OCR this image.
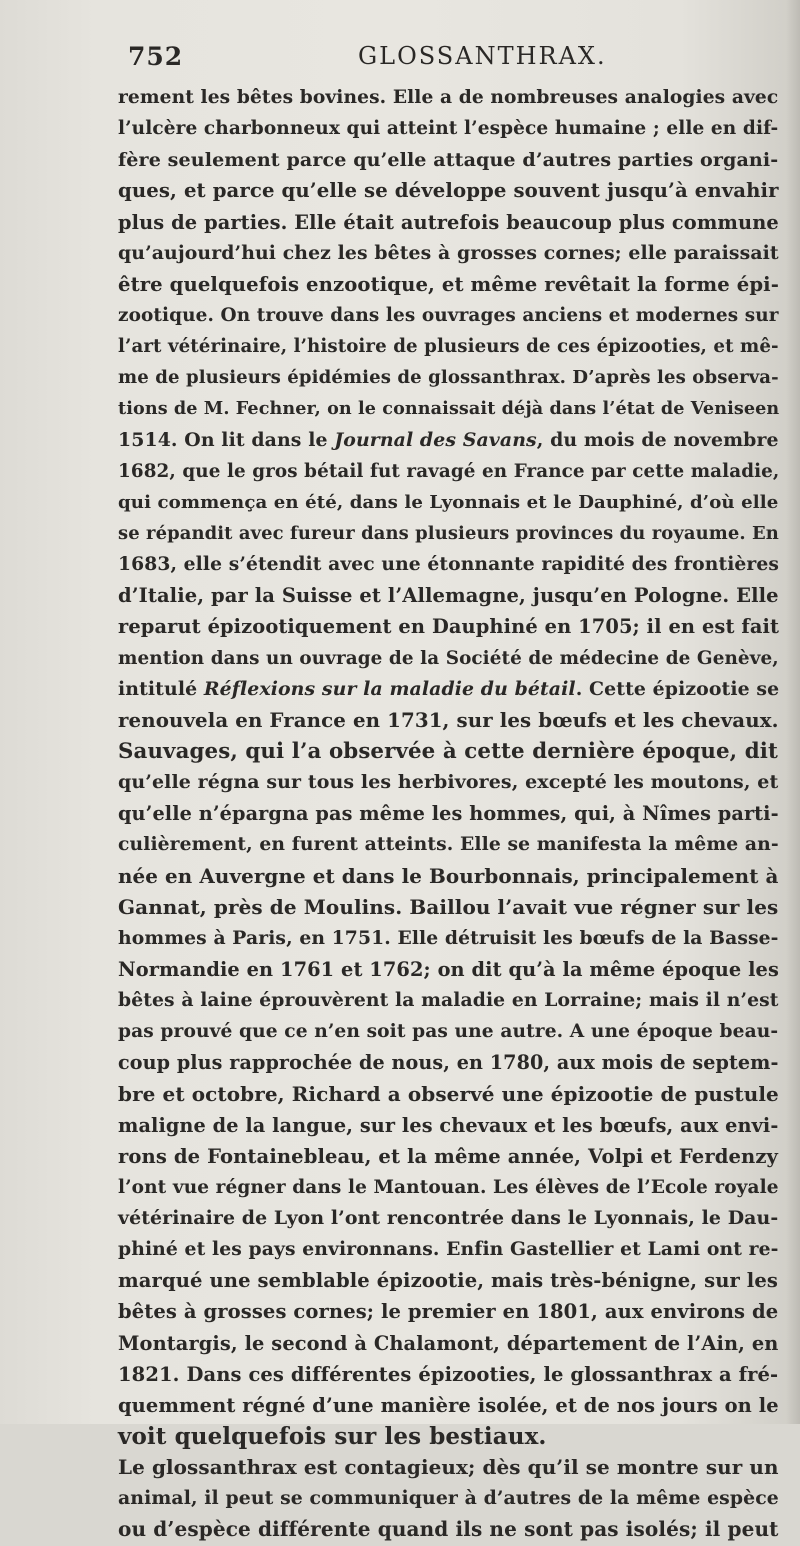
752	GLOSSANTHRAX.
rement les bêtes bovines. Elle a de nombreuses analogies avec
l’ulcère charbonneux qui atteint l’espèce humaine ; elle en dif-
fère seulement parce qu’elle attaque d’autres parties organi-
ques, et parce qu’elle se développe souvent jusqu’à envahir
plus de parties. Elle était autrefois beaucoup plus commune
qu’aujourd’hui chez les bêtes à grosses cornes; elle paraissait
être quelquefois enzootique, et même revêtait la forme épi-
zootique. On trouve dans les ouvrages anciens et modernes sur
l’art vétérinaire, l’histoire de plusieurs de ces épizooties, et mê-
me de plusieurs épidémies de glossanthrax. D’après les observa-
tions de M. Fechner, on le connaissait déjà dans l’état de Veniseen
1514. On lit dans le Journal des Savans, du mois de novembre
1682, que le gros bétail fut ravagé en France par cette maladie,
qui commença en été, dans le Lyonnais et le Dauphiné, d’où elle
se répandit avec fureur dans plusieurs provinces du royaume. En
1683, elle s’étendit avec une étonnante rapidité des frontières
d’Italie, par la Suisse et l’Allemagne, jusqu’en Pologne. Elle
reparut épizootiquement en Dauphiné en 1705; il en est fait
mention dans un ouvrage de la Société de médecine de Genève,
intitulé Réflexions sur la maladie du bétail. Cette épizootie se
renouvela en France en 1731, sur les bœufs et les chevaux.
Sauvages, qui l’a observée à cette dernière époque, dit
qu’elle régna sur tous les herbivores, excepté les moutons, et
qu’elle n’épargna pas même les hommes, qui, à Nîmes parti-
culièrement, en furent atteints. Elle se manifesta la même an-
née en Auvergne et dans le Bourbonnais, principalement à
Gannat, près de Moulins. Baillou l’avait vue régner sur les
hommes à Paris, en 1751. Elle détruisit les bœufs de la Basse-
Normandie en 1761 et 1762; on dit qu’à la même époque les
bêtes à laine éprouvèrent la maladie en Lorraine; mais il n’est
pas prouvé que ce n’en soit pas une autre. A une époque beau-
coup plus rapprochée de nous, en 1780, aux mois de septem-
bre et octobre, Richard a observé une épizootie de pustule
maligne de la langue, sur les chevaux et les bœufs, aux envi-
rons de Fontainebleau, et la même année, Volpi et Ferdenzy
l’ont vue régner dans le Mantouan. Les élèves de l’Ecole royale
vétérinaire de Lyon l’ont rencontrée dans le Lyonnais, le Dau-
phiné et les pays environnans. Enfin Gastellier et Lami ont re-
marqué une semblable épizootie, mais très-bénigne, sur les
bêtes à grosses cornes; le premier en 1801, aux environs de
Montargis, le second à Chalamont, département de l’Ain, en
1821. Dans ces différentes épizooties, le glossanthrax a fré-
quemment régné d’une manière isolée, et de nos jours on le
voit quelquefois sur les bestiaux.
Le glossanthrax est contagieux; dès qu’il se montre sur un
animal, il peut se communiquer à d’autres de la même espèce
ou d’espèce différente quand ils ne sont pas isolés; il peut
